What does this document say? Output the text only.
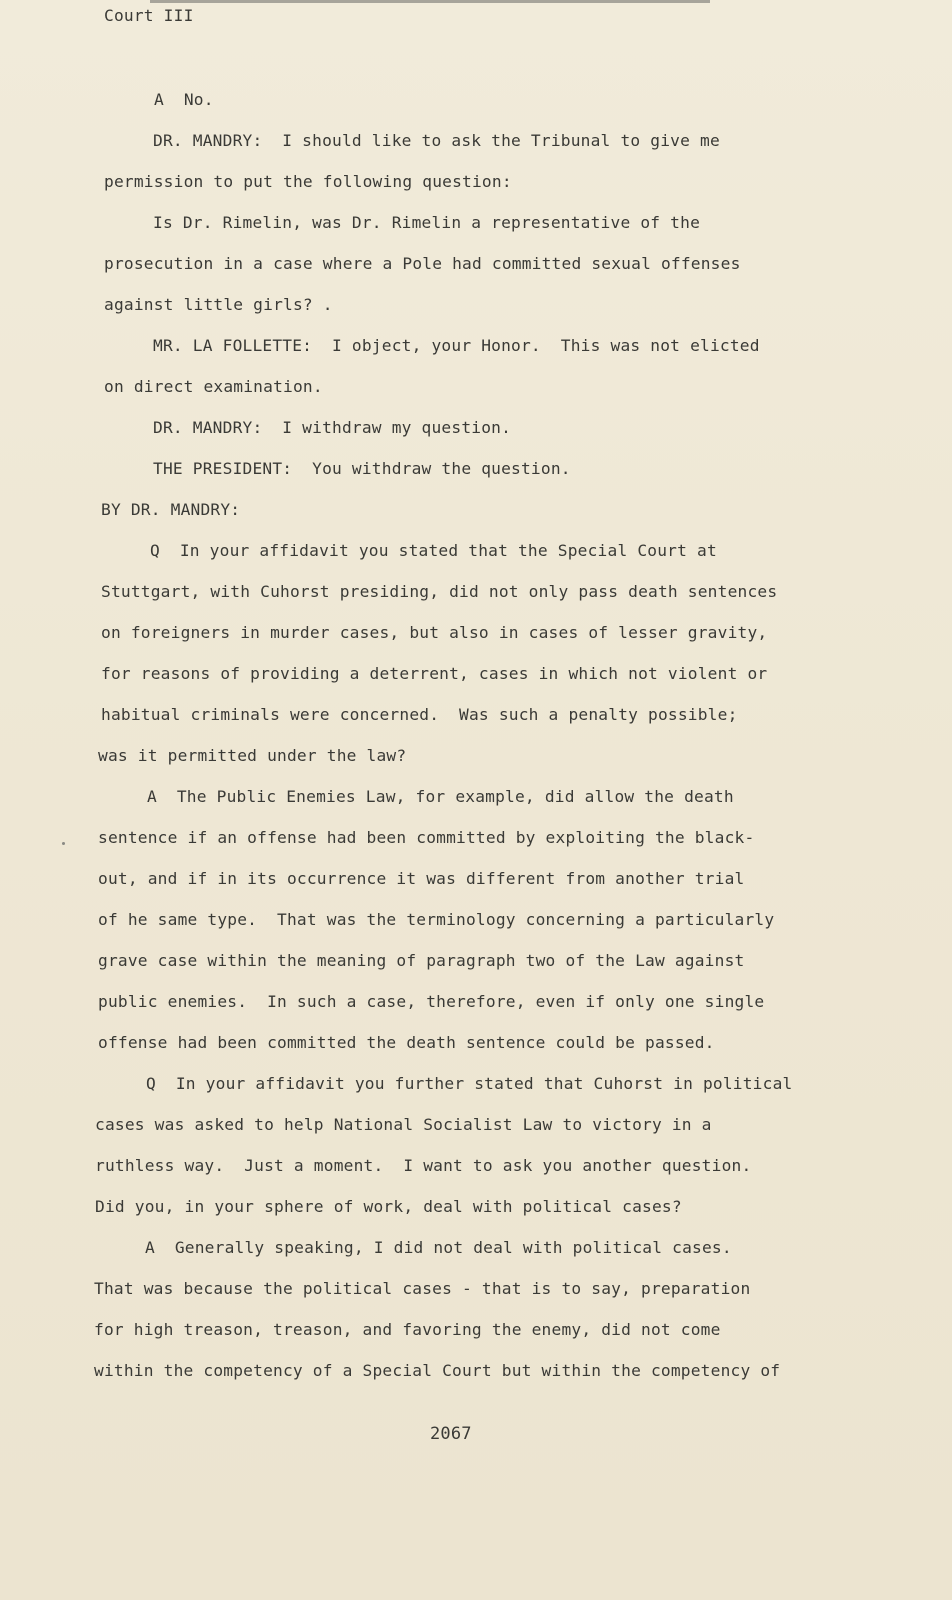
Court III
A  No.
DR. MANDRY:  I should like to ask the Tribunal to give me
permission to put the following question:
Is Dr. Rimelin, was Dr. Rimelin a representative of the
prosecution in a case where a Pole had committed sexual offenses
against little girls? .
MR. LA FOLLETTE:  I object, your Honor.  This was not elicted
on direct examination.
DR. MANDRY:  I withdraw my question.
THE PRESIDENT:  You withdraw the question.
BY DR. MANDRY:
Q  In your affidavit you stated that the Special Court at
Stuttgart, with Cuhorst presiding, did not only pass death sentences
on foreigners in murder cases, but also in cases of lesser gravity,
for reasons of providing a deterrent, cases in which not violent or
habitual criminals were concerned.  Was such a penalty possible;
was it permitted under the law?
A  The Public Enemies Law, for example, did allow the death
sentence if an offense had been committed by exploiting the black-
out, and if in its occurrence it was different from another trial
of he same type.  That was the terminology concerning a particularly
grave case within the meaning of paragraph two of the Law against
public enemies.  In such a case, therefore, even if only one single
offense had been committed the death sentence could be passed.
Q  In your affidavit you further stated that Cuhorst in political
cases was asked to help National Socialist Law to victory in a
ruthless way.  Just a moment.  I want to ask you another question.
Did you, in your sphere of work, deal with political cases?
A  Generally speaking, I did not deal with political cases.
That was because the political cases - that is to say, preparation
for high treason, treason, and favoring the enemy, did not come
within the competency of a Special Court but within the competency of
2067
